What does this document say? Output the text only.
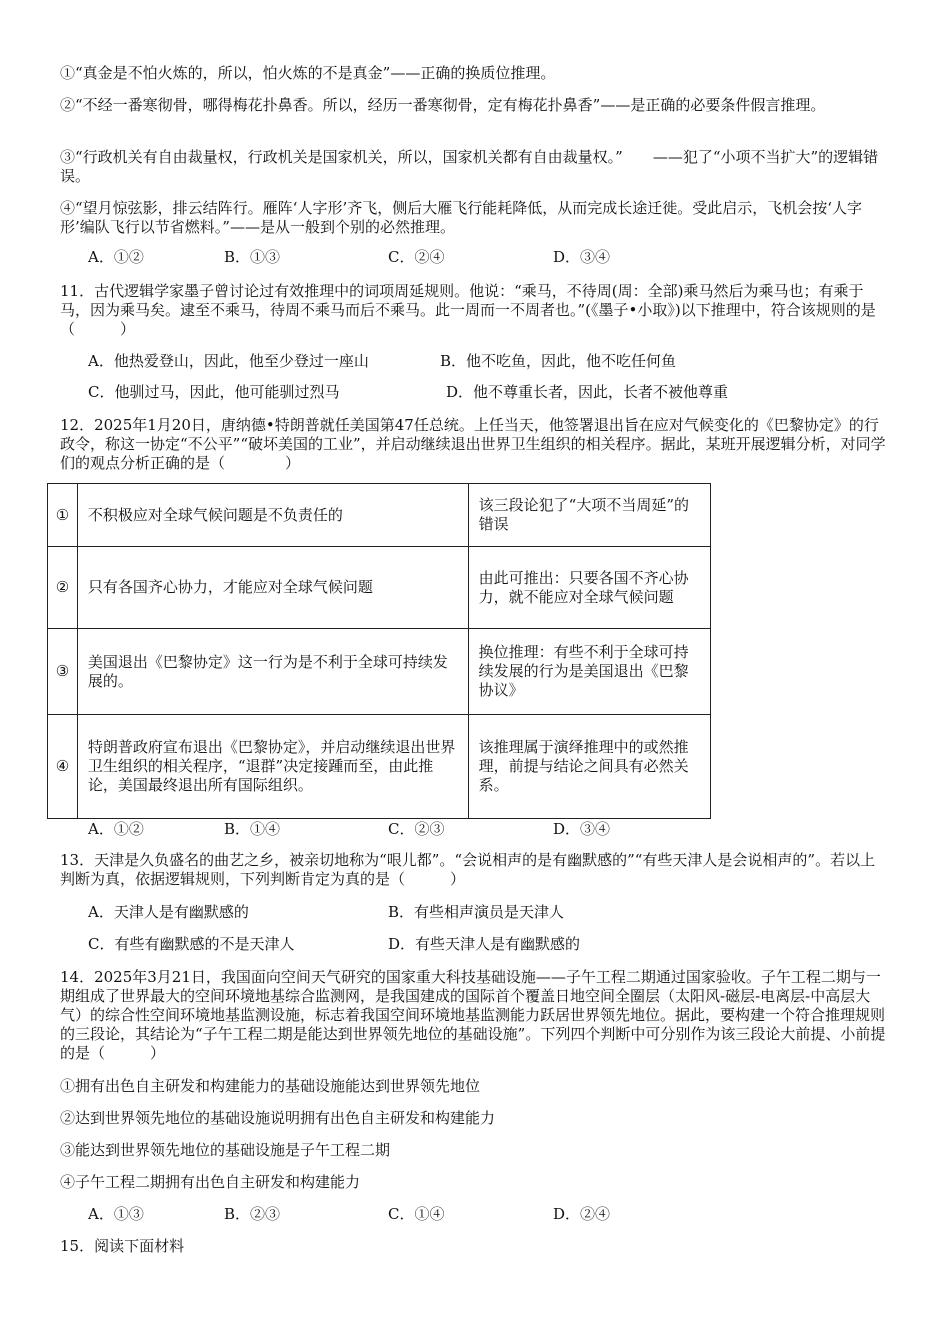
①“真金是不怕火炼的，所以，怕火炼的不是真金”——正确的换质位推理。

②“不经一番寒彻骨，哪得梅花扑鼻香。所以，经历一番寒彻骨，定有梅花扑鼻香”——是正确的必要条件假言推理。

③“行政机关有自由裁量权，行政机关是国家机关，所以，国家机关都有自由裁量权。”　　——犯了“小项不当扩大”的逻辑错误。

④“望月惊弦影，排云结阵行。雁阵‘人字形’齐飞，侧后大雁飞行能耗降低，从而完成长途迁徙。受此启示，飞机会按‘人字形’编队飞行以节省燃料。”——是从一般到个别的必然推理。

A．①②	B．①③	C．②④	D．③④

11．古代逻辑学家墨子曾讨论过有效推理中的词项周延规则。他说：“乘马，不待周(周：全部)乘马然后为乘马也；有乘于马，因为乘马矣。逮至不乘马，待周不乘马而后不乘马。此一周而一不周者也。”(《墨子•小取》)以下推理中，符合该规则的是（　　　）

A．他热爱登山，因此，他至少登过一座山	B．他不吃鱼，因此，他不吃任何鱼
C．他驯过马，因此，他可能驯过烈马	D．他不尊重长者，因此，长者不被他尊重

12．2025年1月20日，唐纳德•特朗普就任美国第47任总统。上任当天，他签署退出旨在应对气候变化的《巴黎协定》的行政令，称这一协定“不公平”“破坏美国的工业”，并启动继续退出世界卫生组织的相关程序。据此，某班开展逻辑分析，对同学们的观点分析正确的是（　　　　）

①	不积极应对全球气候问题是不负责任的	该三段论犯了“大项不当周延”的错误
②	只有各国齐心协力，才能应对全球气候问题	由此可推出：只要各国不齐心协力，就不能应对全球气候问题
③	美国退出《巴黎协定》这一行为是不利于全球可持续发展的。	换位推理：有些不利于全球可持续发展的行为是美国退出《巴黎协议》
④	特朗普政府宣布退出《巴黎协定》，并启动继续退出世界卫生组织的相关程序，“退群”决定接踵而至，由此推论，美国最终退出所有国际组织。	该推理属于演绎推理中的或然推理，前提与结论之间具有必然关系。
A．①②	B．①④	C．②③	D．③④

13．天津是久负盛名的曲艺之乡，被亲切地称为“哏儿都”。“会说相声的是有幽默感的”“有些天津人是会说相声的”。若以上判断为真，依据逻辑规则，下列判断肯定为真的是（　　　）

A．天津人是有幽默感的	B．有些相声演员是天津人
C．有些有幽默感的不是天津人	D．有些天津人是有幽默感的

14．2025年3月21日，我国面向空间天气研究的国家重大科技基础设施——子午工程二期通过国家验收。子午工程二期与一期组成了世界最大的空间环境地基综合监测网，是我国建成的国际首个覆盖日地空间全圈层（太阳风-磁层-电离层-中高层大气）的综合性空间环境地基监测设施，标志着我国空间环境地基监测能力跃居世界领先地位。据此，要构建一个符合推理规则的三段论，其结论为“子午工程二期是能达到世界领先地位的基础设施”。下列四个判断中可分别作为该三段论大前提、小前提的是（　　　）

①拥有出色自主研发和构建能力的基础设施能达到世界领先地位

②达到世界领先地位的基础设施说明拥有出色自主研发和构建能力

③能达到世界领先地位的基础设施是子午工程二期

④子午工程二期拥有出色自主研发和构建能力

A．①③	B．②③	C．①④	D．②④

15．阅读下面材料
